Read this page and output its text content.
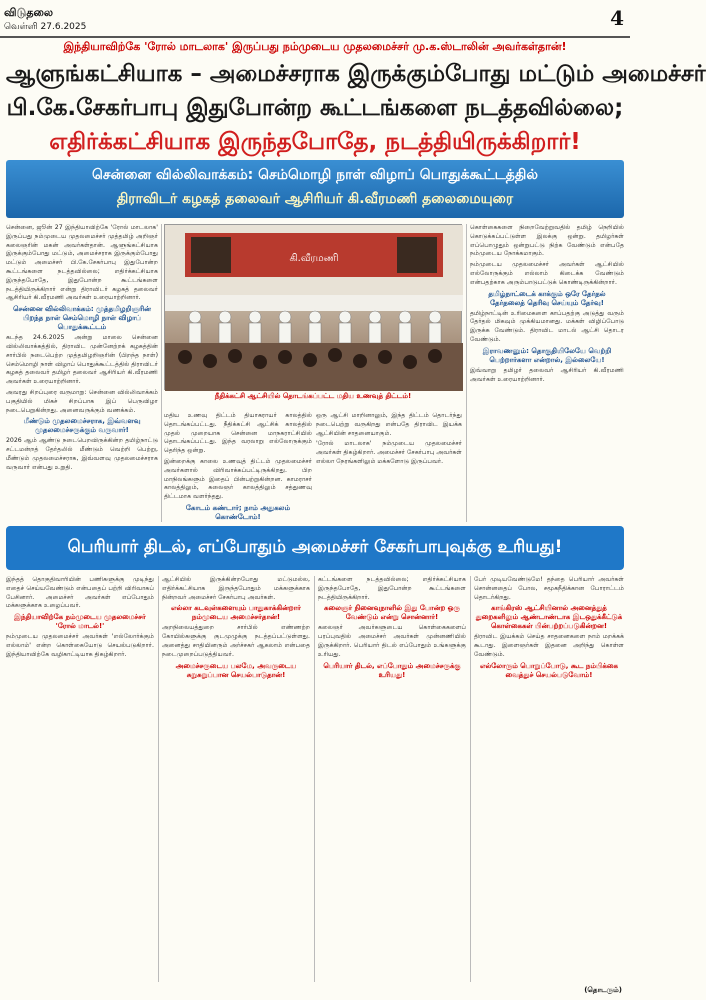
விடுதலை
வெள்ளி 27.6.2025	4
இந்தியாவிற்கே 'ரோல் மாடலாக' இருப்பது நம்முடைய முதலமைச்சர் மு.க.ஸ்டாலின் அவர்கள்தான்!
ஆளுங்கட்சியாக – அமைச்சராக இருக்கும்போது மட்டும் அமைச்சர்
பி.கே.சேகர்பாபு இதுபோன்ற கூட்டங்களை நடத்தவில்லை;
எதிர்க்கட்சியாக இருந்தபோதே, நடத்தியிருக்கிறார்!
சென்னை வில்லிவாக்கம்: செம்மொழி நாள் விழாப் பொதுக்கூட்டத்தில்
திராவிடர் கழகத் தலைவர் ஆசிரியர் கி.வீரமணி தலைமையுரை

சென்னை, ஜூன் 27 இந்தியாவிற்கே 'ரோல் மாடலாக' இருப்பது நம்முடைய முதலமைச்சர் முத்தமிழ் அறிஞர் கலைஞரின் மகன் அவர்கள்தான். ஆளுங்கட்சியாக இருக்கும்போது மட்டும், அமைச்சராக இருக்கும்போது மட்டும் அமைச்சர் பி.கே.சேகர்பாபு இதுபோன்ற கூட்டங்களை நடத்தவில்லை; எதிர்க்கட்சியாக இருந்தபோதே, இதுபோன்ற கூட்டங்களை நடத்தியிருக்கிறார் என்று திராவிடர் கழகத் தலைவர் ஆசிரியர் கி.வீரமணி அவர்கள் உரையாற்றினார்.

சென்னை வில்லிவாக்கம்: முத்தமிழறிஞரின் பிறந்த நாள் செம்மொழி நாள் விழாப் பொதுக்கூட்டம்

கடந்த 24.6.2025 அன்று மாலை சென்னை வில்லிவாக்கத்தில், திராவிட முன்னேற்றக் கழகத்தின் சார்பில் நடைபெற்ற முத்தமிழறிஞரின் (பிறந்த நாள்) செம்மொழி நாள் விழாப் பொதுக்கூட்டத்தில் திராவிடர் கழகத் தலைவர் தமிழர் தலைவர் ஆசிரியர் கி.வீரமணி அவர்கள் உரையாற்றினார்.

அவரது சிறப்புரை வருமாறு: சென்னை வில்லிவாக்கம் பகுதியில் மிகச் சிறப்பாக இப் பெருவிழா நடைபெறுகின்றது. அனைவருக்கும் வணக்கம்.

மீண்டும் முதலமைச்சராக, இவ்வளவு முதலமைச்சருக்கும் வருவார்!

2026 ஆம் ஆண்டு நடைபெறவிருக்கின்ற தமிழ்நாட்டு சட்டமன்றத் தேர்தலில் மீண்டும் வெற்றி பெற்று, மீண்டும் முதலமைச்சராக, இவ்வளவு முதலமைச்சராக வருவார் என்பது உறுதி.

கி.வீரமணி
நீதிக்கட்சி ஆட்சியில் தொடங்கப்பட்ட மதிய உணவுத் திட்டம்!

மதிய உணவு திட்டம் தியாகராயர் காலத்தில் தொடங்கப்பட்டது. நீதிக்கட்சி ஆட்சிக் காலத்தில் முதல் முறையாக சென்னை மாநகராட்சியில் தொடங்கப்பட்டது. இந்த வரலாறு எல்லோருக்கும் தெரிந்த ஒன்று.

இன்றைக்கு காலை உணவுத் திட்டம் முதலமைச்சர் அவர்களால் விரிவாக்கப்பட்டிருக்கிறது. பிற மாநிலங்களும் இதைப் பின்பற்றுகின்றன. காமராசர் காலத்திலும், கலைஞர் காலத்திலும் சத்துணவு திட்டமாக வளர்ந்தது.

கோடம் கண்டார்; நாம் அதுகலம் கொண்டோம்!

ஒரு ஆட்சி மாறினாலும், இந்த திட்டம் தொடர்ந்து நடைபெற்று வருகிறது என்பதே திராவிட இயக்க ஆட்சியின் சாதனையாகும்.

'ரோல் மாடலாக' நம்முடைய முதலமைச்சர் அவர்கள் திகழ்கிறார். அமைச்சர் சேகர்பாபு அவர்கள் எல்லா நேரங்களிலும் மக்களோடு இருப்பவர்.

கொள்கைகளை நிறைவேற்றுவதில் தமிழ் நெறியில் கொடுக்கப்பட்டுள்ள இலக்கு ஒன்று. தமிழர்கள் எப்பொழுதும் ஒன்றுபட்டு நிற்க வேண்டும் என்பதே நம்முடைய நோக்கமாகும்.

நம்முடைய முதலமைச்சர் அவர்கள் ஆட்சியில் எல்லோருக்கும் எல்லாம் கிடைக்க வேண்டும் என்பதற்காக அரும்பாடுபட்டுக் கொண்டிருக்கின்றார்.

தமிழ்நாட்டைக் காக்கும் ஒரே தேர்தல் தேர்தலைத் தெரிவு செய்யும் தேர்வு!

தமிழ்நாட்டின் உரிமைகளை காப்பதற்கு அடுத்து வரும் தேர்தல் மிகவும் முக்கியமானது. மக்கள் விழிப்போடு இருக்க வேண்டும். திராவிட மாடல் ஆட்சி தொடர வேண்டும்.

இராவணனும்: தொகுதியிலேயே வெற்றி பெற்றார்களா என்றால், இல்லையே!

இவ்வாறு தமிழர் தலைவர் ஆசிரியர் கி.வீரமணி அவர்கள் உரையாற்றினார்.

பெரியார் திடல், எப்போதும் அமைச்சர் சேகர்பாபுவுக்கு உரியது!

இந்தத் தொகுதிவாரியின் பணிகளுக்கு முடிந்து எதைச் செய்யவேண்டும் என்பதைப் பற்றி விரிவாகப் பேசினார். அமைச்சர் அவர்கள் எப்போதும் மக்களுக்காக உழைப்பவர்.

இந்தியாவிற்கே நம்முடைய முதலமைச்சர் 'ரோல் மாடல்!'

நம்முடைய முதலமைச்சர் அவர்கள் 'எல்லோர்க்கும் எல்லாம்' என்ற கொள்கையோடு செயல்படுகிறார். இந்தியாவிற்கே வழிகாட்டியாக திகழ்கிறார்.

ஆட்சியில் இருக்கின்றபோது மட்டுமல்ல, எதிர்க்கட்சியாக இருந்தபோதும் மக்களுக்காக நின்றவர் அமைச்சர் சேகர்பாபு அவர்கள்.

எல்லா கடவுள்களையும் பாதுகாக்கின்றார் நம்முடைய அமைச்சர்தான்!

அறநிலையத்துறை சார்பில் எண்ணற்ற கோயில்களுக்கு குடமுழுக்கு நடத்தப்பட்டுள்ளது. அனைத்து சாதியினரும் அர்ச்சகர் ஆகலாம் என்பதை நடைமுறைப்படுத்தியவர்.

அமைச்சருடைய பலமே, அவருடைய சுறுசுறுப்பான செயல்பாடுதான்!

கட்டங்களை நடத்தவில்லை; எதிர்க்கட்சியாக இருந்தபோதே, இதுபோன்ற கூட்டங்களை நடத்தியிருக்கிறார்.

கலைஞர் நினைவுநாளில் இது போன்ற ஒரு வேண்டும் என்று சொன்னார்!

கலைஞர் அவர்களுடைய கொள்கைகளைப் பரப்புவதில் அமைச்சர் அவர்கள் முன்னணியில் இருக்கிறார். பெரியார் திடல் எப்போதும் உங்களுக்கு உரியது.

பெரியார் திடல், எப்போதும் அமைச்சருக்கு உரியது!

பேர் முடியவேண்டுமே! தந்தை பெரியார் அவர்கள் சொன்னதைப் போல, சமூகநீதிக்கான போராட்டம் தொடர்கிறது.

காங்கிரஸ் ஆட்சியினால் அனைத்துத் துறைகளிலும் ஆண்டாண்டாக இடஒதுக்கீட்டுக் கொள்கைகள் பின்பற்றப்படுகின்றன!

திராவிட இயக்கம் செய்த சாதனைகளை நாம் மறக்கக் கூடாது. இளைஞர்கள் இதனை அறிந்து கொள்ள வேண்டும்.

எல்லோரும் பொறுப்போடு, கூட நம்பிக்கை வைத்துச் செயல்படுவோம்!
(தொடரும்)
